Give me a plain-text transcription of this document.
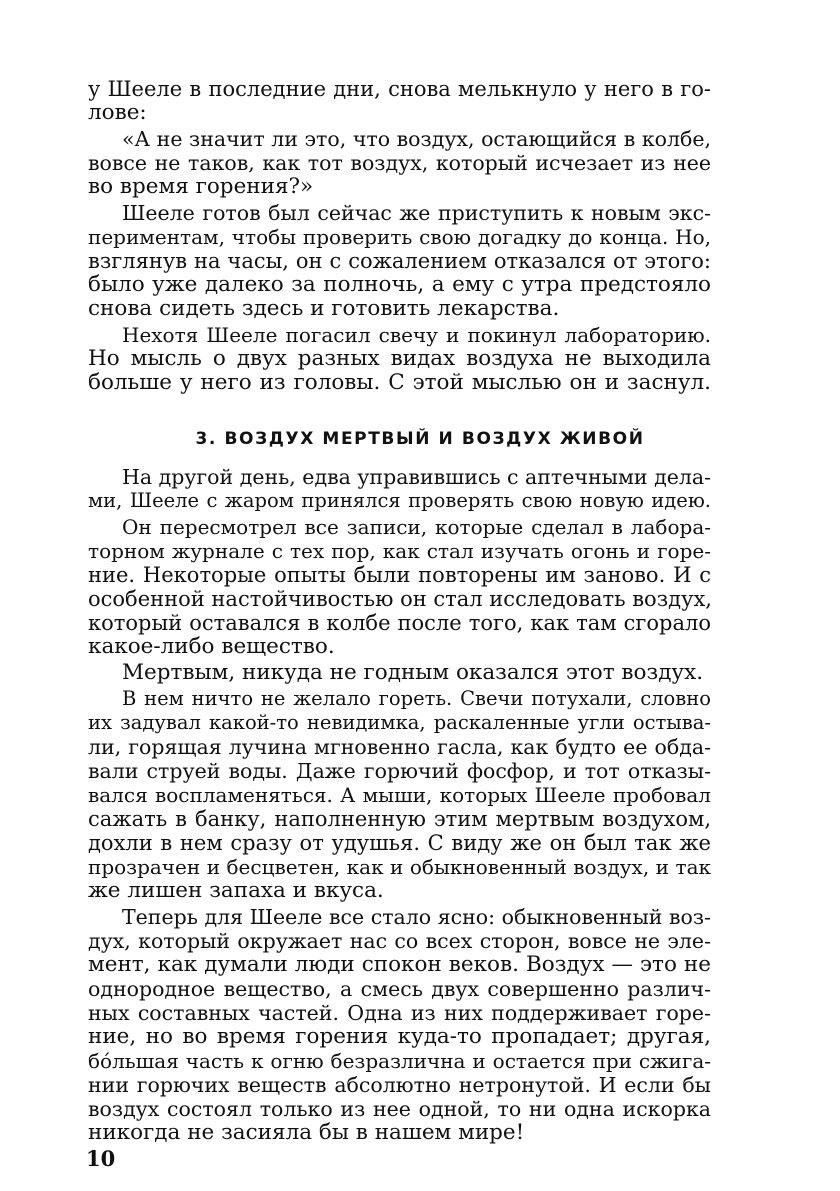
у Шееле в последние дни, снова мелькнуло у него в го-
лове:
«А не значит ли это, что воздух, остающийся в колбе,
вовсе не таков, как тот воздух, который исчезает из нее
во время горения?»
Шееле готов был сейчас же приступить к новым экс-
периментам, чтобы проверить свою догадку до конца. Но,
взглянув на часы, он с сожалением отказался от этого:
было уже далеко за полночь, а ему с утра предстояло
снова сидеть здесь и готовить лекарства.
Нехотя Шееле погасил свечу и покинул лабораторию.
Но мысль о двух разных видах воздуха не выходила
больше у него из головы. С этой мыслью он и заснул.
3. ВОЗДУХ МЕРТВЫЙ И ВОЗДУХ ЖИВОЙ
На другой день, едва управившись с аптечными дела-
ми, Шееле с жаром принялся проверять свою новую идею.
Он пересмотрел все записи, которые сделал в лабора-
торном журнале с тех пор, как стал изучать огонь и горе-
ние. Некоторые опыты были повторены им заново. И с
особенной настойчивостью он стал исследовать воздух,
который оставался в колбе после того, как там сгорало
какое-либо вещество.
Мертвым, никуда не годным оказался этот воздух.
В нем ничто не желало гореть. Свечи потухали, словно
их задувал какой-то невидимка, раскаленные угли остыва-
ли, горящая лучина мгновенно гасла, как будто ее обда-
вали струей воды. Даже горючий фосфор, и тот отказы-
вался воспламеняться. А мыши, которых Шееле пробовал
сажать в банку, наполненную этим мертвым воздухом,
дохли в нем сразу от удушья. С виду же он был так же
прозрачен и бесцветен, как и обыкновенный воздух, и так
же лишен запаха и вкуса.
Теперь для Шееле все стало ясно: обыкновенный воз-
дух, который окружает нас со всех сторон, вовсе не эле-
мент, как думали люди спокон веков. Воздух — это не
однородное вещество, а смесь двух совершенно различ-
ных составных частей. Одна из них поддерживает горе-
ние, но во время горения куда-то пропадает; другая,
бо́льшая часть к огню безразлична и остается при сжига-
нии горючих веществ абсолютно нетронутой. И если бы
воздух состоял только из нее одной, то ни одна искорка
никогда не засияла бы в нашем мире!
10
